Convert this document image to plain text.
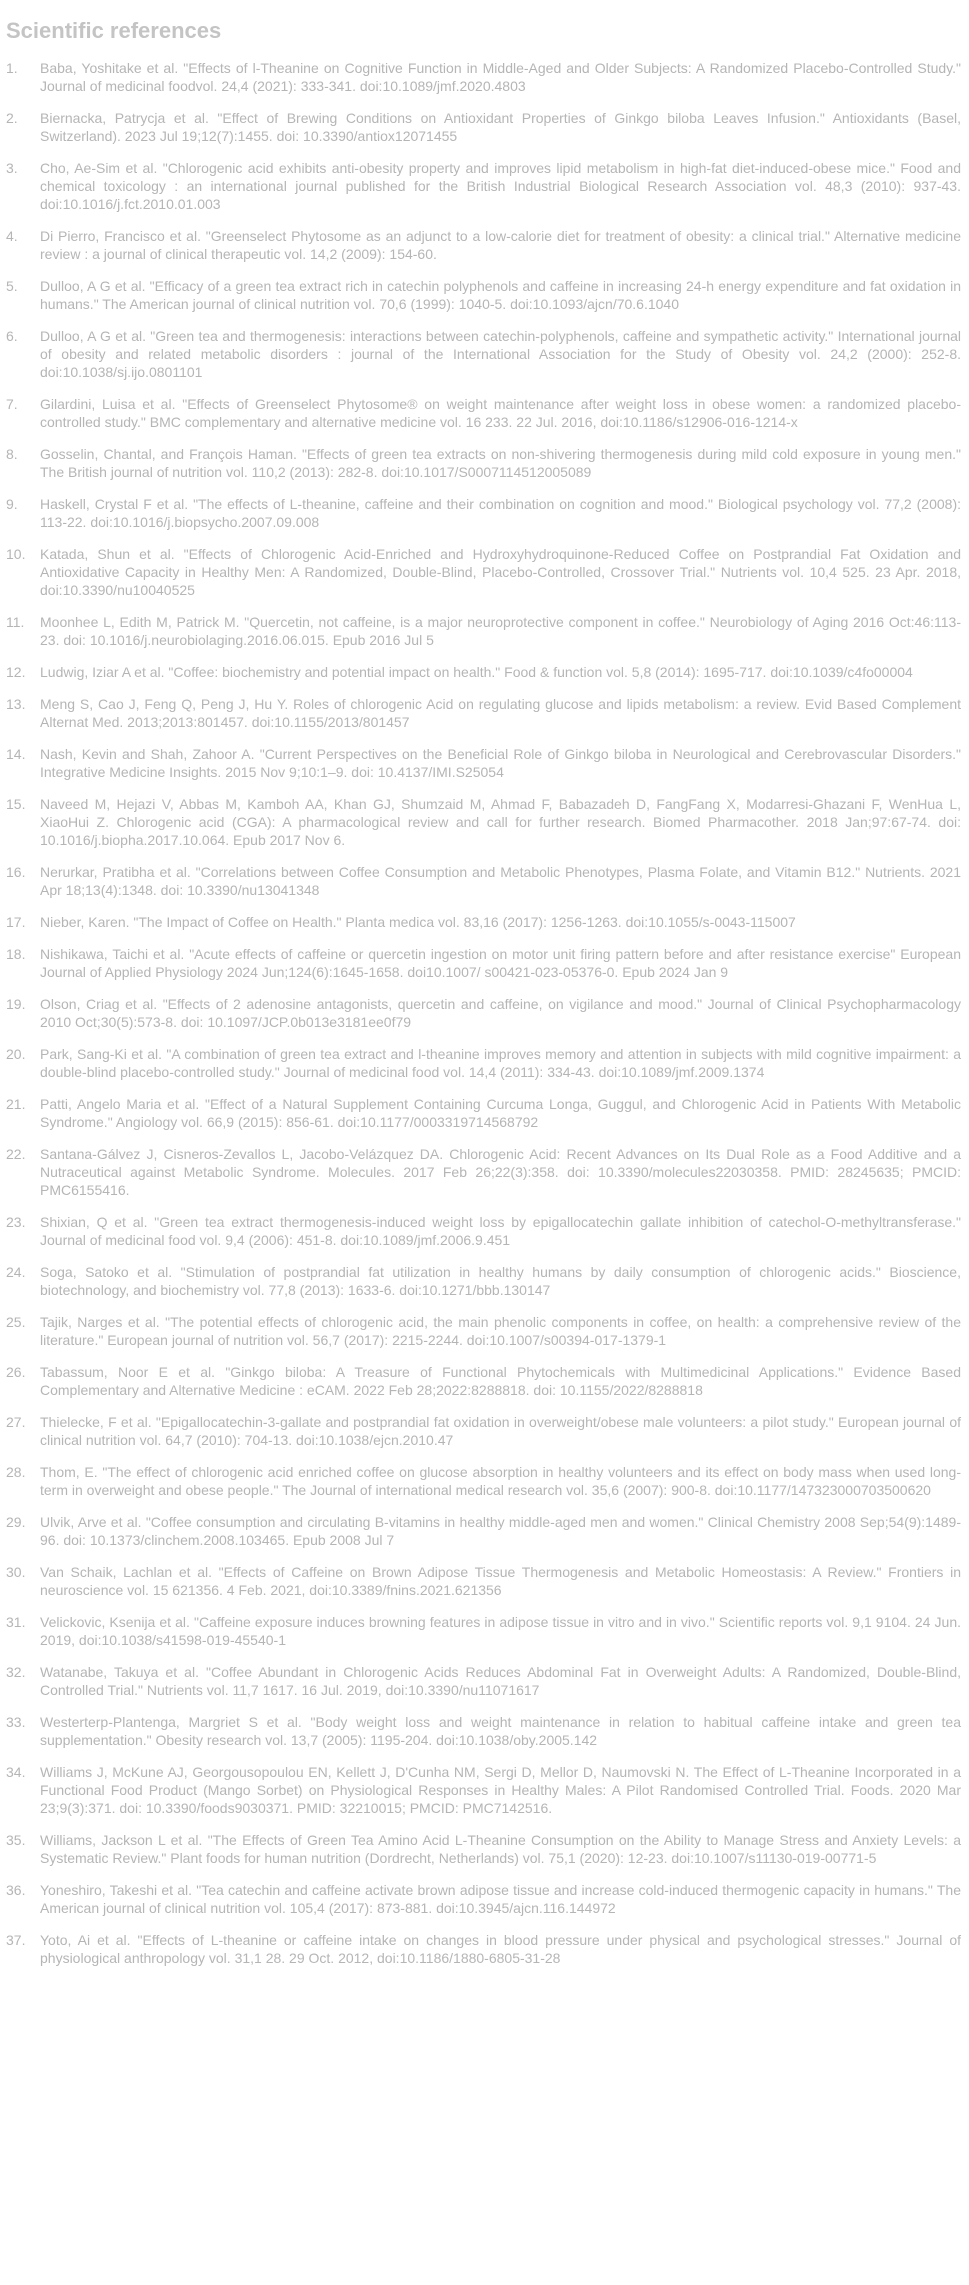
Scientific references
1.	Baba, Yoshitake et al. "Effects of l-Theanine on Cognitive Function in Middle-Aged and Older Subjects: A Randomized Placebo-Controlled Study." Journal of medicinal foodvol. 24,4 (2021): 333-341. doi:10.1089/jmf.2020.4803
2.	Biernacka, Patrycja et al. "Effect of Brewing Conditions on Antioxidant Properties of Ginkgo biloba Leaves Infusion." Antioxidants (Basel, Switzerland). 2023 Jul 19;12(7):1455. doi: 10.3390/antiox12071455
3.	Cho, Ae-Sim et al. "Chlorogenic acid exhibits anti-obesity property and improves lipid metabolism in high-fat diet-induced-obese mice." Food and chemical toxicology : an international journal published for the British Industrial Biological Research Association vol. 48,3 (2010): 937-43. doi:10.1016/j.fct.2010.01.003
4.	Di Pierro, Francisco et al. "Greenselect Phytosome as an adjunct to a low-calorie diet for treatment of obesity: a clinical trial." Alternative medicine review : a journal of clinical therapeutic vol. 14,2 (2009): 154-60.
5.	Dulloo, A G et al. "Efficacy of a green tea extract rich in catechin polyphenols and caffeine in increasing 24-h energy expenditure and fat oxidation in humans." The American journal of clinical nutrition vol. 70,6 (1999): 1040-5. doi:10.1093/ajcn/70.6.1040
6.	Dulloo, A G et al. "Green tea and thermogenesis: interactions between catechin-polyphenols, caffeine and sympathetic activity." International journal of obesity and related metabolic disorders : journal of the International Association for the Study of Obesity vol. 24,2 (2000): 252-8. doi:10.1038/sj.ijo.0801101
7.	Gilardini, Luisa et al. "Effects of Greenselect Phytosome® on weight maintenance after weight loss in obese women: a randomized placebo-controlled study." BMC complementary and alternative medicine vol. 16 233. 22 Jul. 2016, doi:10.1186/s12906-016-1214-x
8.	Gosselin, Chantal, and François Haman. "Effects of green tea extracts on non-shivering thermogenesis during mild cold exposure in young men." The British journal of nutrition vol. 110,2 (2013): 282-8. doi:10.1017/S0007114512005089
9.	Haskell, Crystal F et al. "The effects of L-theanine, caffeine and their combination on cognition and mood." Biological psychology vol. 77,2 (2008): 113-22. doi:10.1016/j.biopsycho.2007.09.008
10.	Katada, Shun et al. "Effects of Chlorogenic Acid-Enriched and Hydroxyhydroquinone-Reduced Coffee on Postprandial Fat Oxidation and Antioxidative Capacity in Healthy Men: A Randomized, Double-Blind, Placebo-Controlled, Crossover Trial." Nutrients vol. 10,4 525. 23 Apr. 2018, doi:10.3390/nu10040525
11.	Moonhee L, Edith M, Patrick M. "Quercetin, not caffeine, is a major neuroprotective component in coffee." Neurobiology of Aging 2016 Oct:46:113-23. doi: 10.1016/j.neurobiolaging.2016.06.015. Epub 2016 Jul 5
12.	Ludwig, Iziar A et al. "Coffee: biochemistry and potential impact on health." Food & function vol. 5,8 (2014): 1695-717. doi:10.1039/c4fo00004
13.	Meng S, Cao J, Feng Q, Peng J, Hu Y. Roles of chlorogenic Acid on regulating glucose and lipids metabolism: a review. Evid Based Complement Alternat Med. 2013;2013:801457. doi:10.1155/2013/801457
14.	Nash, Kevin and Shah, Zahoor A. "Current Perspectives on the Beneficial Role of Ginkgo biloba in Neurological and Cerebrovascular Disorders." Integrative Medicine Insights. 2015 Nov 9;10:1–9. doi: 10.4137/IMI.S25054
15.	Naveed M, Hejazi V, Abbas M, Kamboh AA, Khan GJ, Shumzaid M, Ahmad F, Babazadeh D, FangFang X, Modarresi-Ghazani F, WenHua L, XiaoHui Z. Chlorogenic acid (CGA): A pharmacological review and call for further research. Biomed Pharmacother. 2018 Jan;97:67-74. doi: 10.1016/j.biopha.2017.10.064. Epub 2017 Nov 6.
16.	Nerurkar, Pratibha et al. "Correlations between Coffee Consumption and Metabolic Phenotypes, Plasma Folate, and Vitamin B12." Nutrients. 2021 Apr 18;13(4):1348. doi: 10.3390/nu13041348
17.	Nieber, Karen. "The Impact of Coffee on Health." Planta medica vol. 83,16 (2017): 1256-1263. doi:10.1055/s-0043-115007
18.	Nishikawa, Taichi et al. "Acute effects of caffeine or quercetin ingestion on motor unit firing pattern before and after resistance exercise" European Journal of Applied Physiology 2024 Jun;124(6):1645-1658. doi10.1007/ s00421-023-05376-0. Epub 2024 Jan 9
19.	Olson, Criag et al. "Effects of 2 adenosine antagonists, quercetin and caffeine, on vigilance and mood." Journal of Clinical Psychopharmacology 2010 Oct;30(5):573-8. doi: 10.1097/JCP.0b013e3181ee0f79
20.	Park, Sang-Ki et al. "A combination of green tea extract and l-theanine improves memory and attention in subjects with mild cognitive impairment: a double-blind placebo-controlled study." Journal of medicinal food vol. 14,4 (2011): 334-43. doi:10.1089/jmf.2009.1374
21.	Patti, Angelo Maria et al. "Effect of a Natural Supplement Containing Curcuma Longa, Guggul, and Chlorogenic Acid in Patients With Metabolic Syndrome." Angiology vol. 66,9 (2015): 856-61. doi:10.1177/0003319714568792
22.	Santana-Gálvez J, Cisneros-Zevallos L, Jacobo-Velázquez DA. Chlorogenic Acid: Recent Advances on Its Dual Role as a Food Additive and a Nutraceutical against Metabolic Syndrome. Molecules. 2017 Feb 26;22(3):358. doi: 10.3390/molecules22030358. PMID: 28245635; PMCID: PMC6155416.
23.	Shixian, Q et al. "Green tea extract thermogenesis-induced weight loss by epigallocatechin gallate inhibition of catechol-O-methyltransferase." Journal of medicinal food vol. 9,4 (2006): 451-8. doi:10.1089/jmf.2006.9.451
24.	Soga, Satoko et al. "Stimulation of postprandial fat utilization in healthy humans by daily consumption of chlorogenic acids." Bioscience, biotechnology, and biochemistry vol. 77,8 (2013): 1633-6. doi:10.1271/bbb.130147
25.	Tajik, Narges et al. "The potential effects of chlorogenic acid, the main phenolic components in coffee, on health: a comprehensive review of the literature." European journal of nutrition vol. 56,7 (2017): 2215-2244. doi:10.1007/s00394-017-1379-1
26.	Tabassum, Noor E et al. "Ginkgo biloba: A Treasure of Functional Phytochemicals with Multimedicinal Applications." Evidence Based Complementary and Alternative Medicine : eCAM. 2022 Feb 28;2022:8288818. doi: 10.1155/2022/8288818
27.	Thielecke, F et al. "Epigallocatechin-3-gallate and postprandial fat oxidation in overweight/obese male volunteers: a pilot study." European journal of clinical nutrition vol. 64,7 (2010): 704-13. doi:10.1038/ejcn.2010.47
28.	Thom, E. "The effect of chlorogenic acid enriched coffee on glucose absorption in healthy volunteers and its effect on body mass when used long-term in overweight and obese people." The Journal of international medical research vol. 35,6 (2007): 900-8. doi:10.1177/147323000703500620
29.	Ulvik, Arve et al. "Coffee consumption and circulating B-vitamins in healthy middle-aged men and women." Clinical Chemistry 2008 Sep;54(9):1489-96. doi: 10.1373/clinchem.2008.103465. Epub 2008 Jul 7
30.	Van Schaik, Lachlan et al. "Effects of Caffeine on Brown Adipose Tissue Thermogenesis and Metabolic Homeostasis: A Review." Frontiers in neuroscience vol. 15 621356. 4 Feb. 2021, doi:10.3389/fnins.2021.621356
31.	Velickovic, Ksenija et al. "Caffeine exposure induces browning features in adipose tissue in vitro and in vivo." Scientific reports vol. 9,1 9104. 24 Jun. 2019, doi:10.1038/s41598-019-45540-1
32.	Watanabe, Takuya et al. "Coffee Abundant in Chlorogenic Acids Reduces Abdominal Fat in Overweight Adults: A Randomized, Double-Blind, Controlled Trial." Nutrients vol. 11,7 1617. 16 Jul. 2019, doi:10.3390/nu11071617
33.	Westerterp-Plantenga, Margriet S et al. "Body weight loss and weight maintenance in relation to habitual caffeine intake and green tea supplementation." Obesity research vol. 13,7 (2005): 1195-204. doi:10.1038/oby.2005.142
34.	Williams J, McKune AJ, Georgousopoulou EN, Kellett J, D'Cunha NM, Sergi D, Mellor D, Naumovski N. The Effect of L-Theanine Incorporated in a Functional Food Product (Mango Sorbet) on Physiological Responses in Healthy Males: A Pilot Randomised Controlled Trial. Foods. 2020 Mar 23;9(3):371. doi: 10.3390/foods9030371. PMID: 32210015; PMCID: PMC7142516.
35.	Williams, Jackson L et al. "The Effects of Green Tea Amino Acid L-Theanine Consumption on the Ability to Manage Stress and Anxiety Levels: a Systematic Review." Plant foods for human nutrition (Dordrecht, Netherlands) vol. 75,1 (2020): 12-23. doi:10.1007/s11130-019-00771-5
36.	Yoneshiro, Takeshi et al. "Tea catechin and caffeine activate brown adipose tissue and increase cold-induced thermogenic capacity in humans." The American journal of clinical nutrition vol. 105,4 (2017): 873-881. doi:10.3945/ajcn.116.144972
37.	Yoto, Ai et al. "Effects of L-theanine or caffeine intake on changes in blood pressure under physical and psychological stresses." Journal of physiological anthropology vol. 31,1 28. 29 Oct. 2012, doi:10.1186/1880-6805-31-28
